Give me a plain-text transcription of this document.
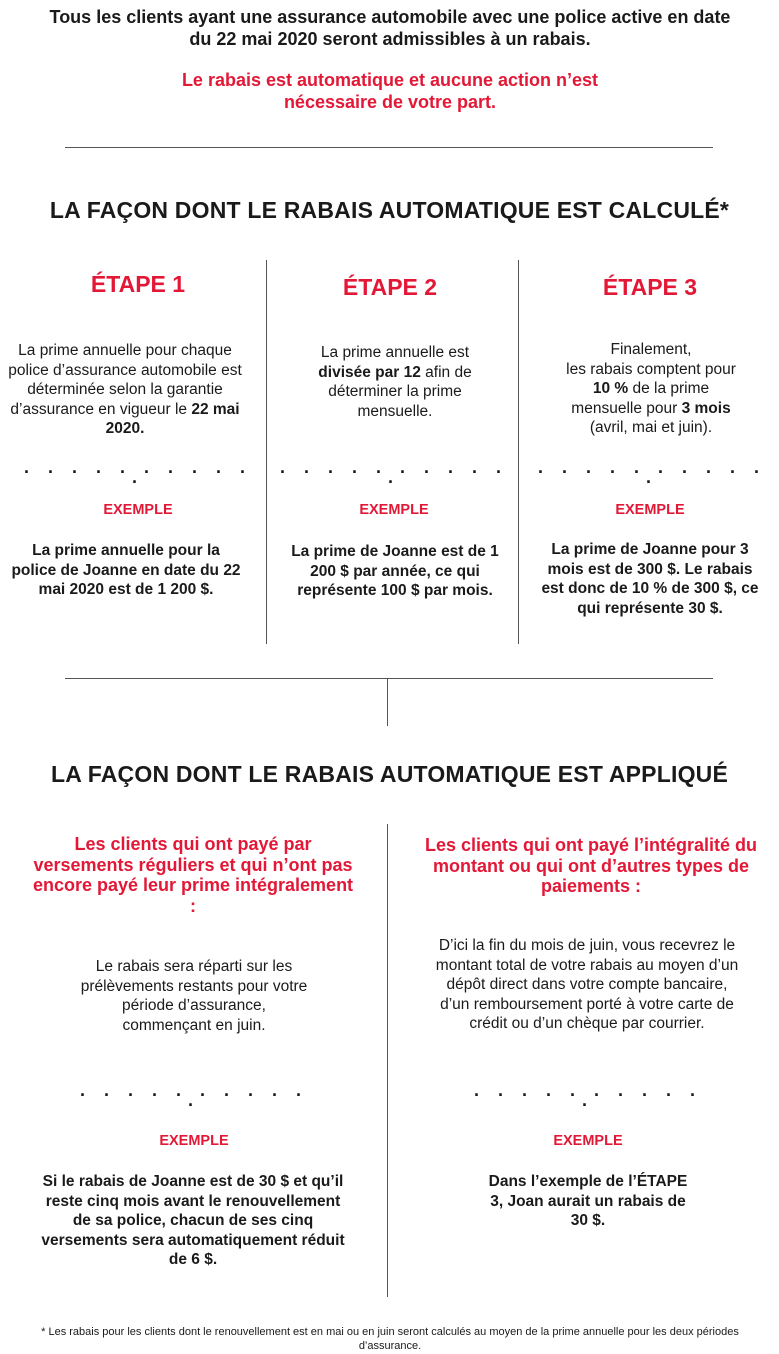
Tous les clients ayant une assurance automobile avec une police active en date du 22 mai 2020 seront admissibles à un rabais.
Le rabais est automatique et aucune action n’est nécessaire de votre part.
LA FAÇON DONT LE RABAIS AUTOMATIQUE EST CALCULÉ*
ÉTAPE 1
La prime annuelle pour chaque police d’assurance automobile est déterminée selon la garantie d’assurance en vigueur le 22 mai 2020.
. . . . . . . . . . .
EXEMPLE
La prime annuelle pour la police de Joanne en date du 22 mai 2020 est de 1 200 $.
ÉTAPE 2
La prime annuelle est divisée par 12 afin de déterminer la prime mensuelle.
. . . . . . . . . . .
EXEMPLE
La prime de Joanne est de 1 200 $ par année, ce qui représente 100 $ par mois.
ÉTAPE 3
Finalement,
les rabais comptent pour 10 % de la prime mensuelle pour 3 mois
(avril, mai et juin).
. . . . . . . . . . .
EXEMPLE
La prime de Joanne pour 3 mois est de 300 $. Le rabais est donc de 10 % de 300 $, ce qui représente 30 $.
LA FAÇON DONT LE RABAIS AUTOMATIQUE EST APPLIQUÉ
Les clients qui ont payé par versements réguliers et qui n’ont pas encore payé leur prime intégralement :
Le rabais sera réparti sur les prélèvements restants pour votre période d’assurance, commençant en juin.
. . . . . . . . . . .
EXEMPLE
Si le rabais de Joanne est de 30 $ et qu’il reste cinq mois avant le renouvellement de sa police, chacun de ses cinq versements sera automatiquement réduit de 6 $.
Les clients qui ont payé l’intégralité du montant ou qui ont d’autres types de paiements :
D’ici la fin du mois de juin, vous recevrez le montant total de votre rabais au moyen d’un dépôt direct dans votre compte bancaire, d’un remboursement porté à votre carte de crédit ou d’un chèque par courrier.
. . . . . . . . . . .
EXEMPLE
Dans l’exemple de l’ÉTAPE 3, Joan aurait un rabais de 30 $.
* Les rabais pour les clients dont le renouvellement est en mai ou en juin seront calculés au moyen de la prime annuelle pour les deux périodes d’assurance.
